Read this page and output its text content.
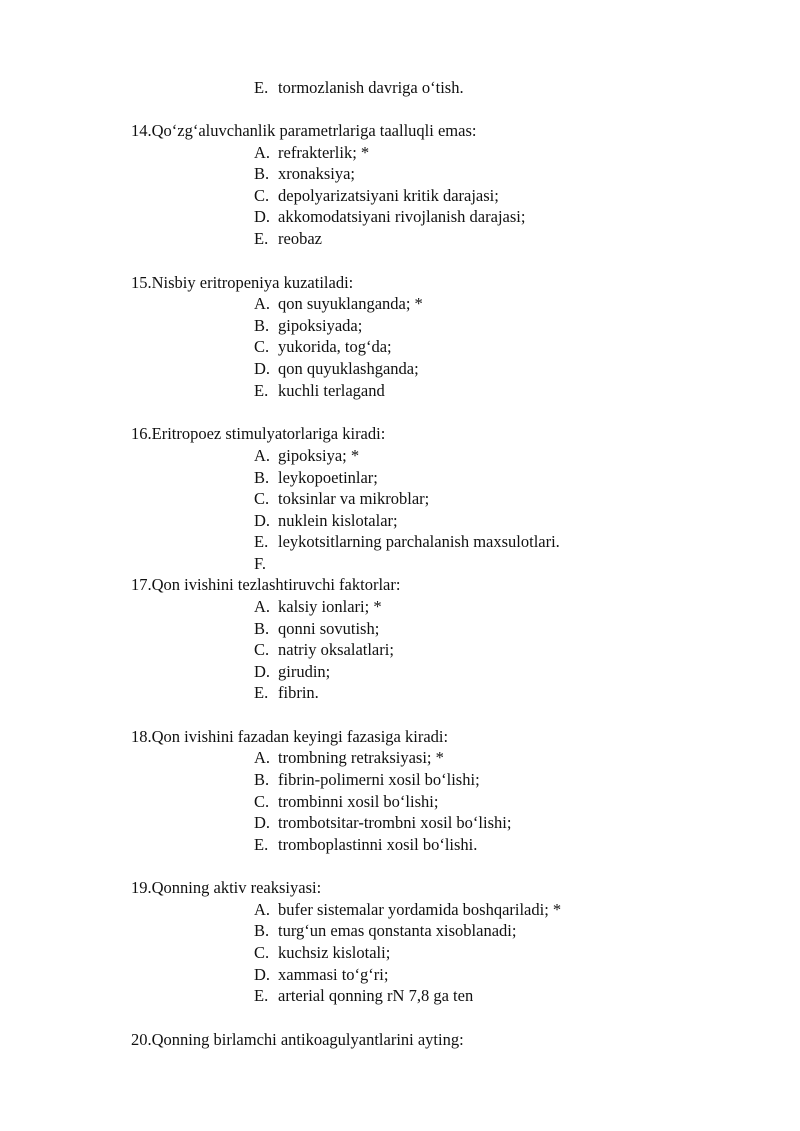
E. tormozlanish davriga o‘tish.
14.Qo‘zg‘aluvchanlik parametrlariga taalluqli emas:
A. refrakterlik; *
B. xronaksiya;
C. depolyarizatsiyani kritik darajasi;
D. akkomodatsiyani rivojlanish darajasi;
E. reobaz
15.Nisbiy eritropeniya kuzatiladi:
A. qon suyuklanganda; *
B. gipoksiyada;
C. yukorida, tog‘da;
D. qon quyuklashganda;
E. kuchli terlagand
16.Eritropoez stimulyatorlariga kiradi:
A. gipoksiya; *
B. leykopoetinlar;
C. toksinlar va mikroblar;
D. nuklein kislotalar;
E. leykotsitlarning parchalanish maxsulotlari.
F.
17.Qon ivishini tezlashtiruvchi faktorlar:
A. kalsiy ionlari; *
B. qonni sovutish;
C. natriy oksalatlari;
D. girudin;
E. fibrin.
18.Qon ivishini fazadan keyingi fazasiga kiradi:
A. trombning retraksiyasi; *
B. fibrin-polimerni xosil bo‘lishi;
C. trombinni xosil bo‘lishi;
D. trombotsitar-trombni xosil bo‘lishi;
E. tromboplastinni xosil bo‘lishi.
19.Qonning aktiv reaksiyasi:
A. bufer sistemalar yordamida boshqariladi; *
B. turg‘un emas qonstanta xisoblanadi;
C. kuchsiz kislotali;
D. xammasi to‘g‘ri;
E. arterial qonning rN 7,8 ga ten
20.Qonning birlamchi antikoagulyantlarini ayting:
